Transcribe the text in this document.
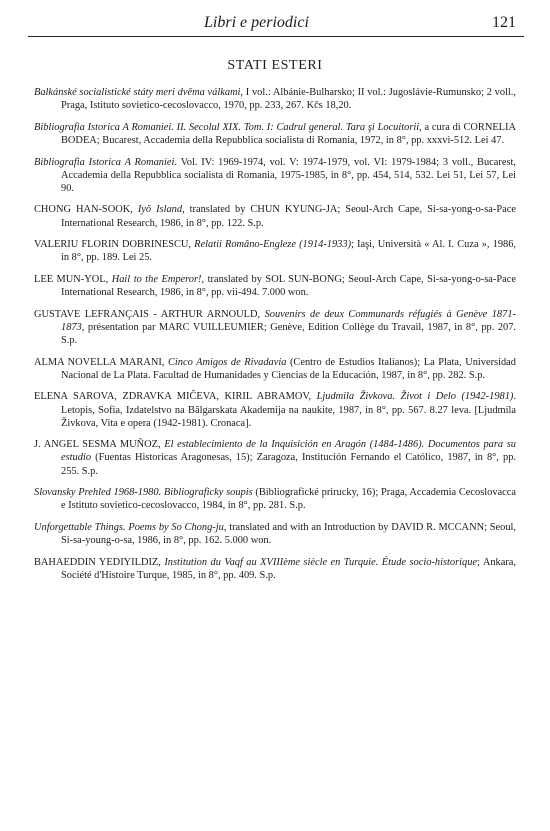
Libri e periodici	121
STATI ESTERI

Balkánské socialistické státy meri dvěma válkami, I vol.: Albánie-Bulharsko; II vol.: Jugoslávie-Rumunsko; 2 voll., Praga, Istituto sovietico-cecoslovacco, 1970, pp. 233, 267. Kčs 18,20.

Bibliografia Istorica A Romaniei. II. Secolul XIX. Tom. I: Cadrul general. Tara şi Locuitorii, a cura di CORNELIA BODEA; Bucarest, Accademia della Repubblica socialista di Romania, 1972, in 8°, pp. xxxvi-512. Lei 47.

Bibliografia Istorica A Romaniei. Vol. IV: 1969-1974, vol. V: 1974-1979, vol. VI: 1979-1984; 3 voll., Bucarest, Accademia della Repubblica socialista di Romania, 1975-1985, in 8°, pp. 454, 514, 532. Lei 51, Lei 57, Lei 90.

CHONG HAN-SOOK, Iyŏ Island, translated by CHUN KYUNG-JA; Seoul-Arch Cape, Si-sa-yong-o-sa-Pace International Research, 1986, in 8°, pp. 122. S.p.

VALERIU FLORIN DOBRINESCU, Relatii Româno-Engleze (1914-1933); Iaşi, Università « Al. I. Cuza », 1986, in 8°, pp. 189. Lei 25.

LEE MUN-YOL, Hail to the Emperor!, translated by SOL SUN-BONG; Seoul-Arch Cape, Si-sa-yong-o-sa-Pace International Research, 1986, in 8°, pp. vii-494. 7.000 won.

GUSTAVE LEFRANÇAIS - ARTHUR ARNOULD, Souvenirs de deux Communards réfugiés à Genève 1871-1873, présentation par MARC VUILLEUMIER; Genève, Edition Collège du Travail, 1987, in 8°, pp. 207. S.p.

ALMA NOVELLA MARANI, Cinco Amigos de Rivadavia (Centro de Estudios Italianos); La Plata, Universidad Nacional de La Plata. Facultad de Humanidades y Ciencias de la Educación, 1987, in 8°, pp. 282. S.p.

ELENA SAROVA, ZDRAVKA MIČEVA, KIRIL ABRAMOV, Ljudmila Živkova. Život i Delo (1942-1981). Letopis, Sofia, Izdatelstvo na Bălgarskata Akademija na naukite, 1987, in 8°, pp. 567. 8.27 leva. [Ljudmila Živkova, Vita e opera (1942-1981). Cronaca].

J. ANGEL SESMA MUÑOZ, El establecimiento de la Inquisición en Aragón (1484-1486). Documentos para su estudio (Fuentas Historicas Aragonesas, 15); Zaragoza, Institución Fernando el Católico, 1987, in 8°, pp. 255. S.p.

Slovansky Prehled 1968-1980. Bibliograficky soupis (Bibliografické prirucky, 16); Praga, Accademia Cecoslovacca e Istituto sovietico-cecoslovacco, 1984, in 8°, pp. 281. S.p.

Unforgettable Things. Poems by So Chong-ju, translated and with an Introduction by DAVID R. MCCANN; Seoul, Si-sa-young-o-sa, 1986, in 8°, pp. 162. 5.000 won.

BAHAEDDIN YEDIYILDIZ, Institution du Vaqf au XVIIIème siècle en Turquie. Étude socio-historique; Ankara, Société d'Histoire Turque, 1985, in 8°, pp. 409. S.p.
